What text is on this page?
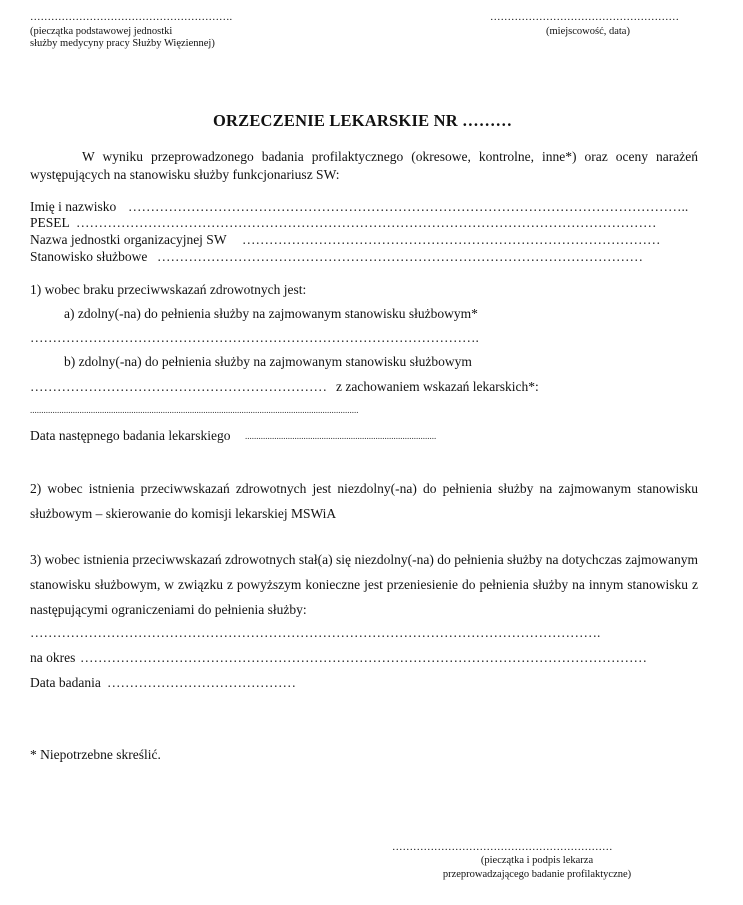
………………………………………………….
(pieczątka podstawowej jednostki
służby medycyny pracy Służby Więziennej)
………………………………………………
(miejscowość, data)
ORZECZENIE LEKARSKIE NR ………
W wyniku przeprowadzonego badania profilaktycznego (okresowe, kontrolne, inne*) oraz oceny narażeń występujących na stanowisku służby funkcjonariusz SW:
Imię i nazwisko ……………………………………………………………………………………………………………..
PESEL …………………………………………………………………………………………………………………
Nazwa jednostki organizacyjnej SW …………………………………………………………………………………
Stanowisko służbowe ………………………………………………………………………………………………
1) wobec braku przeciwwskazań zdrowotnych jest:
a) zdolny(-na) do pełnienia służby na zajmowanym stanowisku służbowym*
……………………………………………………………………………………….
b) zdolny(-na) do pełnienia służby na zajmowanym stanowisku służbowym
………………………………………………………… z zachowaniem wskazań lekarskich*:
..................................................................................................................................................
Data następnego badania lekarskiego .....................................................................................
2) wobec istnienia przeciwwskazań zdrowotnych jest niezdolny(-na) do pełnienia służby na zajmowanym stanowisku służbowym – skierowanie do komisji lekarskiej MSWiA
3) wobec istnienia przeciwwskazań zdrowotnych stał(a) się niezdolny(-na) do pełnienia służby na dotychczas zajmowanym stanowisku służbowym, w związku z powyższym konieczne jest przeniesienie do pełnienia służby na innym stanowisku z następującymi ograniczeniami do pełnienia służby:
……………………………………………………………………………………………………………….
na okres ………………………………………………………………………………………………………………
Data badania ……………………………………
* Niepotrzebne skreślić.
………………………………………………………
(pieczątka i podpis lekarza
przeprowadzającego badanie profilaktyczne)
